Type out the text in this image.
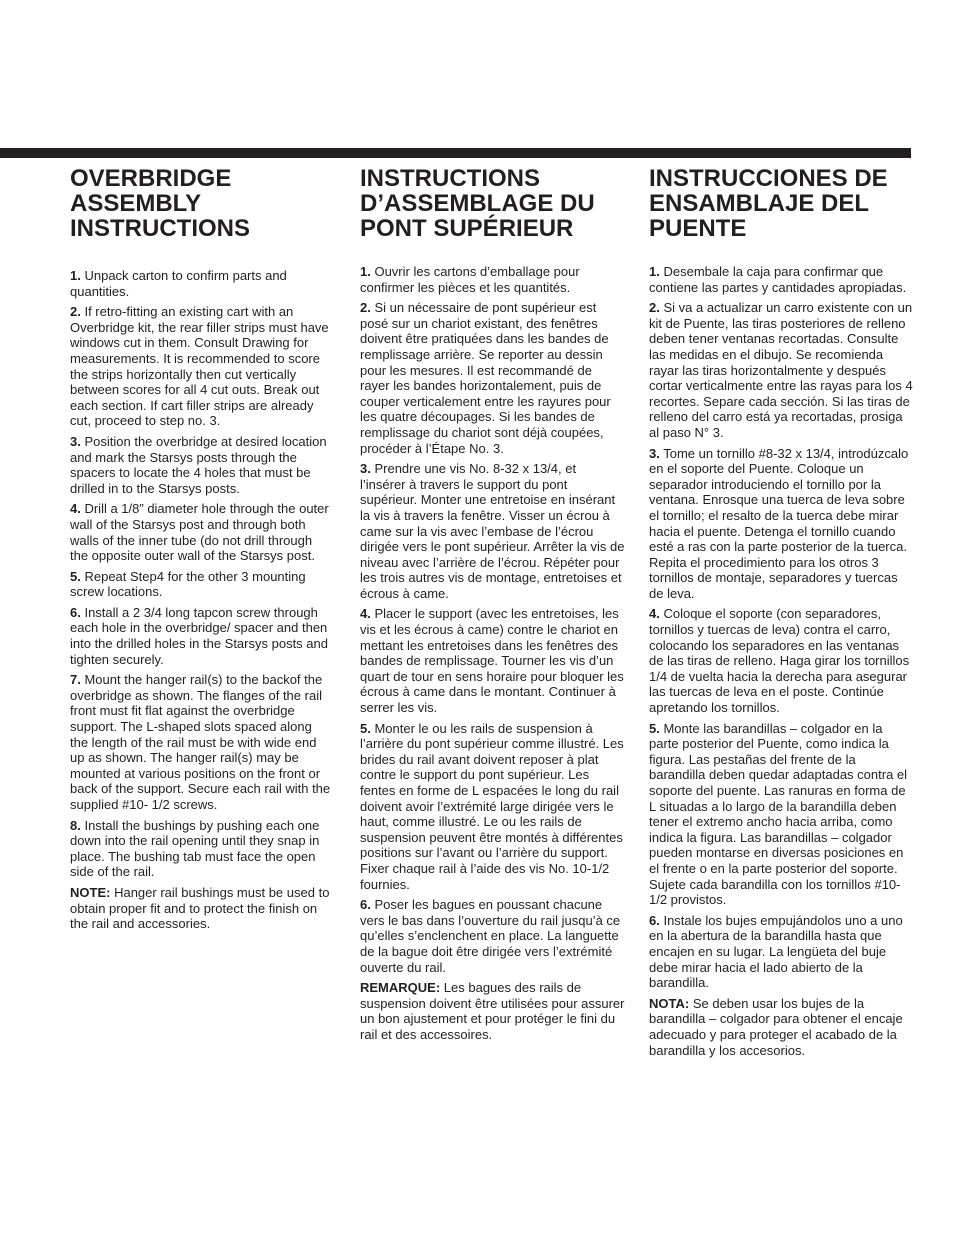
OVERBRIDGE ASSEMBLY INSTRUCTIONS

1. Unpack carton to confirm parts and quantities.

2. If retro-fitting an existing cart with an Overbridge kit, the rear filler strips must have windows cut in them. Consult Drawing for measurements. It is recommended to score the strips horizontally then cut vertically between scores for all 4 cut outs. Break out each section. If cart filler strips are already cut, proceed to step no. 3.

3. Position the overbridge at desired location and mark the Starsys posts through the spacers to locate the 4 holes that must be drilled in to the Starsys posts.

4. Drill a 1/8” diameter hole through the outer wall of the Starsys post and through both walls of the inner tube (do not drill through the opposite outer wall of the Starsys post.

5. Repeat Step4 for the other 3 mounting screw locations.

6. Install a 2 3/4 long tapcon screw through each hole in the overbridge/ spacer and then into the drilled holes in the Starsys posts and tighten securely.

7. Mount the hanger rail(s) to the backof the overbridge as shown. The flanges of the rail front must fit flat against the overbridge support. The L-shaped slots spaced along the length of the rail must be with wide end up as shown. The hanger rail(s) may be mounted at various positions on the front or back of the support. Secure each rail with the supplied #10- 1/2 screws.

8. Install the bushings by pushing each one down into the rail opening until they snap in place. The bushing tab must face the open side of the rail.

NOTE: Hanger rail bushings must be used to obtain proper fit and to protect the finish on the rail and accessories.

INSTRUCTIONS D’ASSEMBLAGE DU PONT SUPÉRIEUR

1. Ouvrir les cartons d’emballage pour confirmer les pièces et les quantités.

2. Si un nécessaire de pont supérieur est posé sur un chariot existant, des fenêtres doivent être pratiquées dans les bandes de remplissage arrière. Se reporter au dessin pour les mesures. Il est recommandé de rayer les bandes horizontalement, puis de couper verticalement entre les rayures pour les quatre découpages. Si les bandes de remplissage du chariot sont déjà coupées, procéder à l’Étape No. 3.

3. Prendre une vis No. 8-32 x 13/4, et l’insérer à travers le support du pont supérieur. Monter une entretoise en insérant la vis à travers la fenêtre. Visser un écrou à came sur la vis avec l’embase de l’écrou dirigée vers le pont supérieur. Arrêter la vis de niveau avec l’arrière de l’écrou. Répéter pour les trois autres vis de montage, entretoises et écrous à came.

4. Placer le support (avec les entretoises, les vis et les écrous à came) contre le chariot en mettant les entretoises dans les fenêtres des bandes de remplissage. Tourner les vis d’un quart de tour en sens horaire pour bloquer les écrous à came dans le montant. Continuer à serrer les vis.

5. Monter le ou les rails de suspension à l’arrière du pont supérieur comme illustré. Les brides du rail avant doivent reposer à plat contre le support du pont supérieur. Les fentes en forme de L espacées le long du rail doivent avoir l’extrémité large dirigée vers le haut, comme illustré. Le ou les rails de suspension peuvent être montés à différentes positions sur l’avant ou l’arrière du support. Fixer chaque rail à l’aide des vis No. 10-1/2 fournies.

6. Poser les bagues en poussant chacune vers le bas dans l’ouverture du rail jusqu’à ce qu’elles s’enclenchent en place. La languette de la bague doit être dirigée vers l’extrémité ouverte du rail.

REMARQUE: Les bagues des rails de suspension doivent être utilisées pour assurer un bon ajustement et pour protéger le fini du rail et des accessoires.

INSTRUCCIONES DE ENSAMBLAJE DEL PUENTE

1. Desembale la caja para confirmar que contiene las partes y cantidades apropiadas.

2. Si va a actualizar un carro existente con un kit de Puente, las tiras posteriores de relleno deben tener ventanas recortadas. Consulte las medidas en el dibujo. Se recomienda rayar las tiras horizontalmente y después cortar verticalmente entre las rayas para los 4 recortes. Separe cada sección. Si las tiras de relleno del carro está ya recortadas, prosiga al paso N° 3.

3. Tome un tornillo #8-32 x 13/4, introdúzcalo en el soporte del Puente. Coloque un separador introduciendo el tornillo por la ventana. Enrosque una tuerca de leva sobre el tornillo; el resalto de la tuerca debe mirar hacia el puente. Detenga el tornillo cuando esté a ras con la parte posterior de la tuerca. Repita el procedimiento para los otros 3 tornillos de montaje, separadores y tuercas de leva.

4. Coloque el soporte (con separadores, tornillos y tuercas de leva) contra el carro, colocando los separadores en las ventanas de las tiras de relleno. Haga girar los tornillos 1/4 de vuelta hacia la derecha para asegurar las tuercas de leva en el poste. Continúe apretando los tornillos.

5. Monte las barandillas – colgador en la parte posterior del Puente, como indica la figura. Las pestañas del frente de la barandilla deben quedar adaptadas contra el soporte del puente. Las ranuras en forma de L situadas a lo largo de la barandilla deben tener el extremo ancho hacia arriba, como indica la figura. Las barandillas – colgador pueden montarse en diversas posiciones en el frente o en la parte posterior del soporte. Sujete cada barandilla con los tornillos #10- 1/2 provistos.

6. Instale los bujes empujándolos uno a uno en la abertura de la barandilla hasta que encajen en su lugar. La lengüeta del buje debe mirar hacia el lado abierto de la barandilla.

NOTA: Se deben usar los bujes de la barandilla – colgador para obtener el encaje adecuado y para proteger el acabado de la barandilla y los accesorios.
